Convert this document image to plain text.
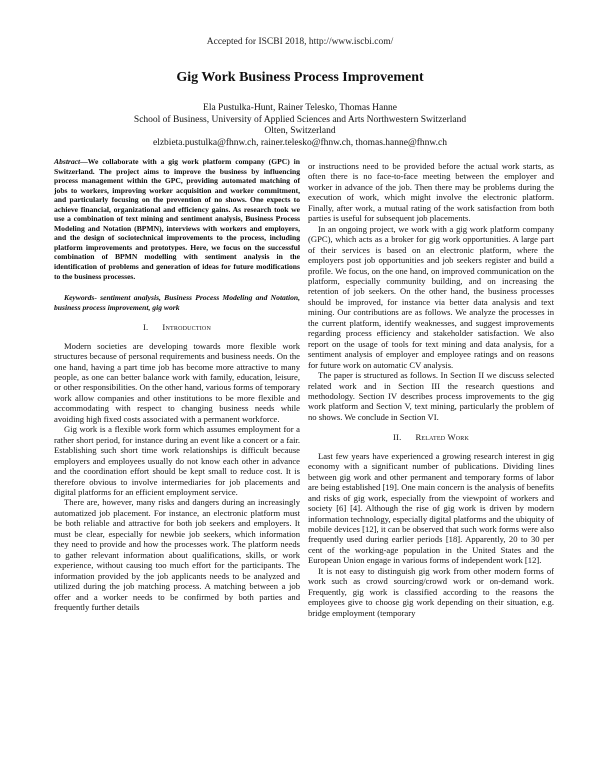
Accepted for ISCBI 2018, http://www.iscbi.com/
Gig Work Business Process Improvement
Ela Pustulka-Hunt, Rainer Telesko, Thomas Hanne
School of Business, University of Applied Sciences and Arts Northwestern Switzerland
Olten, Switzerland
elzbieta.pustulka@fhnw.ch, rainer.telesko@fhnw.ch, thomas.hanne@fhnw.ch
Abstract—We collaborate with a gig work platform company (GPC) in Switzerland. The project aims to improve the business by influencing process management within the GPC, providing automated matching of jobs to workers, improving worker acquisition and worker commitment, and particularly focusing on the prevention of no shows. One expects to achieve financial, organizational and efficiency gains. As research took we use a combination of text mining and sentiment analysis, Business Process Modeling and Notation (BPMN), interviews with workers and employers, and the design of sociotechnical improvements to the process, including platform improvements and prototypes. Here, we focus on the successful combination of BPMN modelling with sentiment analysis in the identification of problems and generation of ideas for future modifications to the business processes.
Keywords- sentiment analysis, Business Process Modeling and Notation, business process improvement, gig work
I. Introduction

Modern societies are developing towards more flexible work structures because of personal requirements and business needs. On the one hand, having a part time job has become more attractive to many people, as one can better balance work with family, education, leisure, or other responsibilities. On the other hand, various forms of temporary work allow companies and other institutions to be more flexible and accommodating with respect to changing business needs while avoiding high fixed costs associated with a permanent workforce.

Gig work is a flexible work form which assumes employment for a rather short period, for instance during an event like a concert or a fair. Establishing such short time work relationships is difficult because employers and employees usually do not know each other in advance and the coordination effort should be kept small to reduce cost. It is therefore obvious to involve intermediaries for job placements and digital platforms for an efficient employment service.

There are, however, many risks and dangers during an increasingly automatized job placement. For instance, an electronic platform must be both reliable and attractive for both job seekers and employers. It must be clear, especially for newbie job seekers, which information they need to provide and how the processes work. The platform needs to gather relevant information about qualifications, skills, or work experience, without causing too much effort for the participants. The information provided by the job applicants needs to be analyzed and utilized during the job matching process. A matching between a job offer and a worker needs to be confirmed by both parties and frequently further details

or instructions need to be provided before the actual work starts, as often there is no face-to-face meeting between the employer and worker in advance of the job. Then there may be problems during the execution of work, which might involve the electronic platform. Finally, after work, a mutual rating of the work satisfaction from both parties is useful for subsequent job placements.

In an ongoing project, we work with a gig work platform company (GPC), which acts as a broker for gig work opportunities. A large part of their services is based on an electronic platform, where the employers post job opportunities and job seekers register and build a profile. We focus, on the one hand, on improved communication on the platform, especially community building, and on increasing the retention of job seekers. On the other hand, the business processes should be improved, for instance via better data analysis and text mining. Our contributions are as follows. We analyze the processes in the current platform, identify weaknesses, and suggest improvements regarding process efficiency and stakeholder satisfaction. We also report on the usage of tools for text mining and data analysis, for a sentiment analysis of employer and employee ratings and on reasons for future work on automatic CV analysis.

The paper is structured as follows. In Section II we discuss selected related work and in Section III the research questions and methodology. Section IV describes process improvements to the gig work platform and Section V, text mining, particularly the problem of no shows. We conclude in Section VI.

II. Related Work

Last few years have experienced a growing research interest in gig economy with a significant number of publications. Dividing lines between gig work and other permanent and temporary forms of labor are being established [19]. One main concern is the analysis of benefits and risks of gig work, especially from the viewpoint of workers and society [6] [4]. Although the rise of gig work is driven by modern information technology, especially digital platforms and the ubiquity of mobile devices [12], it can be observed that such work forms were also frequently used during earlier periods [18]. Apparently, 20 to 30 per cent of the working-age population in the United States and the European Union engage in various forms of independent work [12].

It is not easy to distinguish gig work from other modern forms of work such as crowd sourcing/crowd work or on-demand work. Frequently, gig work is classified according to the reasons the employees give to choose gig work depending on their situation, e.g. bridge employment (temporary
